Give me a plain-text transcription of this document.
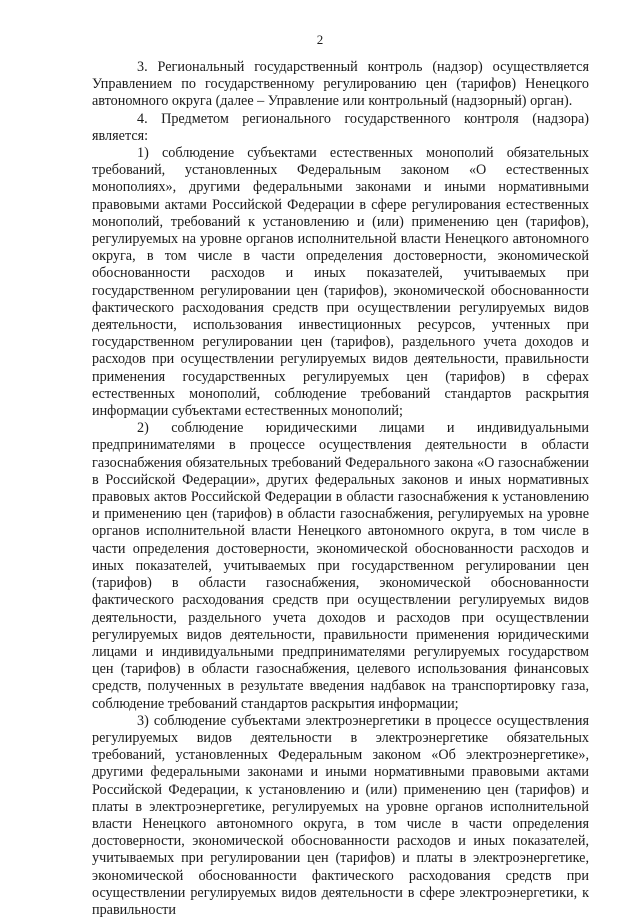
2

3. Региональный государственный контроль (надзор) осуществляется Управлением по государственному регулированию цен (тарифов) Ненецкого автономного округа (далее – Управление или контрольный (надзорный) орган).

4. Предметом регионального государственного контроля (надзора) является:

1) соблюдение субъектами естественных монополий обязательных требований, установленных Федеральным законом «О естественных монополиях», другими федеральными законами и иными нормативными правовыми актами Российской Федерации в сфере регулирования естественных монополий, требований к установлению и (или) применению цен (тарифов), регулируемых на уровне органов исполнительной власти Ненецкого автономного округа, в том числе в части определения достоверности, экономической обоснованности расходов и иных показателей, учитываемых при государственном регулировании цен (тарифов), экономической обоснованности фактического расходования средств при осуществлении регулируемых видов деятельности, использования инвестиционных ресурсов, учтенных при государственном регулировании цен (тарифов), раздельного учета доходов и расходов при осуществлении регулируемых видов деятельности, правильности применения государственных регулируемых цен (тарифов) в сферах естественных монополий, соблюдение требований стандартов раскрытия информации субъектами естественных монополий;

2) соблюдение юридическими лицами и индивидуальными предпринимателями в процессе осуществления деятельности в области газоснабжения обязательных требований Федерального закона «О газоснабжении в Российской Федерации», других федеральных законов и иных нормативных правовых актов Российской Федерации в области газоснабжения к установлению и применению цен (тарифов) в области газоснабжения, регулируемых на уровне органов исполнительной власти Ненецкого автономного округа, в том числе в части определения достоверности, экономической обоснованности расходов и иных показателей, учитываемых при государственном регулировании цен (тарифов) в области газоснабжения, экономической обоснованности фактического расходования средств при осуществлении регулируемых видов деятельности, раздельного учета доходов и расходов при осуществлении регулируемых видов деятельности, правильности применения юридическими лицами и индивидуальными предпринимателями регулируемых государством цен (тарифов) в области газоснабжения, целевого использования финансовых средств, полученных в результате введения надбавок на транспортировку газа, соблюдение требований стандартов раскрытия информации;

3) соблюдение субъектами электроэнергетики в процессе осуществления регулируемых видов деятельности в электроэнергетике обязательных требований, установленных Федеральным законом «Об электроэнергетике», другими федеральными законами и иными нормативными правовыми актами Российской Федерации, к установлению и (или) применению цен (тарифов) и платы в электроэнергетике, регулируемых на уровне органов исполнительной власти Ненецкого автономного округа, в том числе в части определения достоверности, экономической обоснованности расходов и иных показателей, учитываемых при регулировании цен (тарифов) и платы в электроэнергетике, экономической обоснованности фактического расходования средств при осуществлении регулируемых видов деятельности в сфере электроэнергетики, к правильности
